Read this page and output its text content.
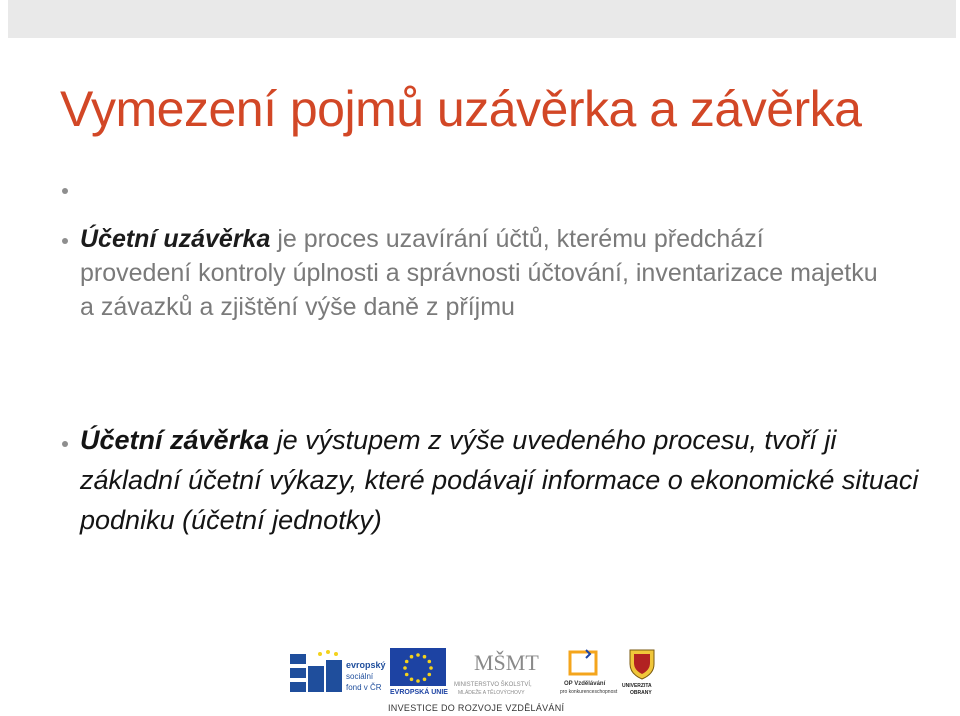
Vymezení pojmů uzávěrka a závěrka

Účetní uzávěrka je proces uzavírání účtů, kterému předchází provedení kontroly úplnosti a správnosti účtování, inventarizace majetku a závazků a zjištění výše daně z příjmu

Účetní závěrka je výstupem z výše uvedeného procesu, tvoří ji základní účetní výkazy, které podávají informace o ekonomické situaci podniku (účetní jednotky)

evropský
sociální
fond v ČR
EVROPSKÁ UNIE
MŠMT
MINISTERSTVO ŠKOLSTVÍ,
MLÁDEŽE A TĚLOVÝCHOVY
OP Vzdělávání
pro konkurenceschopnost
UNIVERZITA
OBRANY
INVESTICE DO ROZVOJE VZDĚLÁVÁNÍ
